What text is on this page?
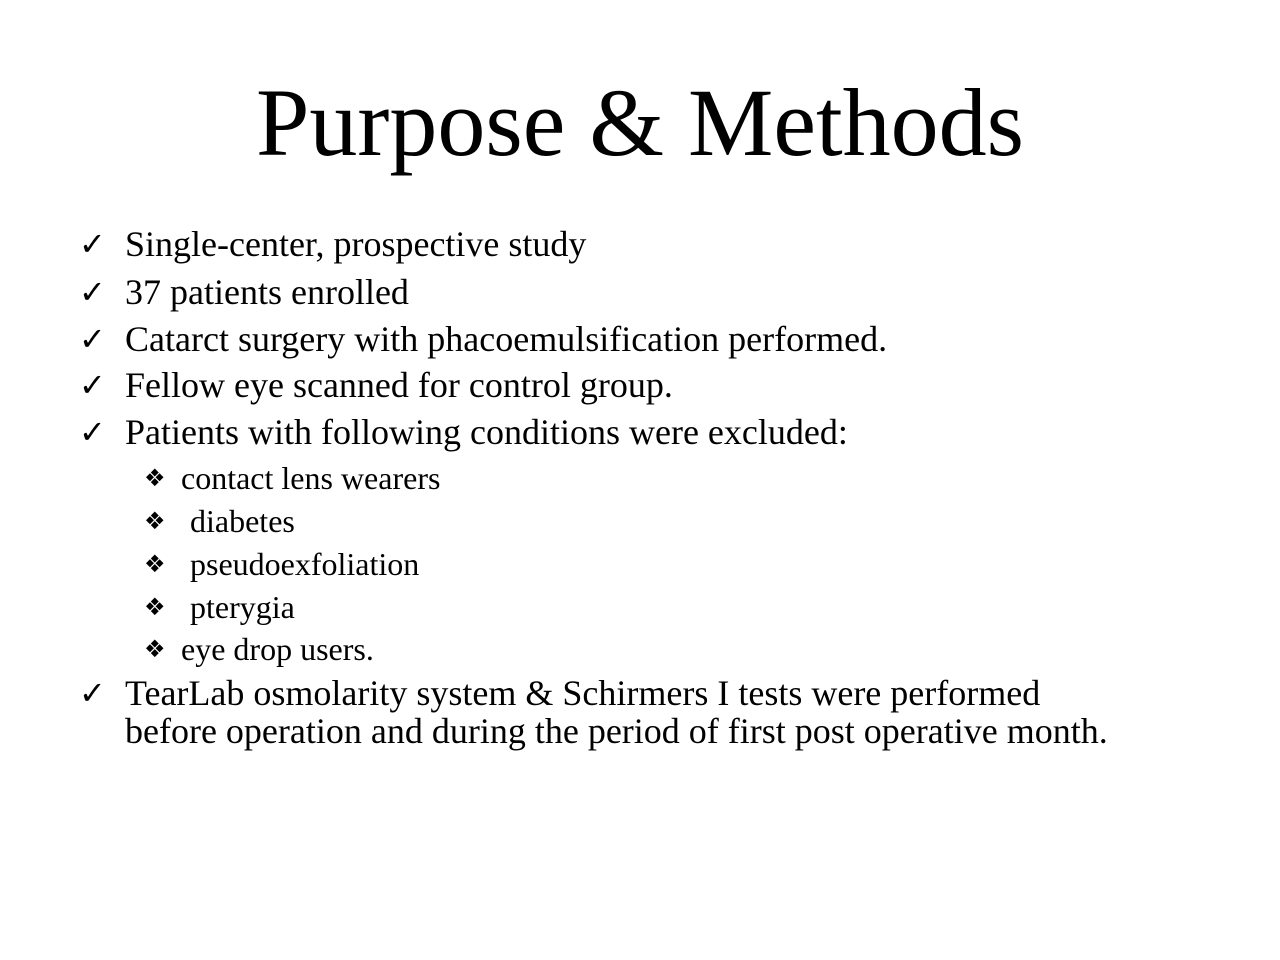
Purpose & Methods
✓ Single-center, prospective study
✓ 37 patients enrolled
✓ Catarct surgery with phacoemulsification performed.
✓ Fellow eye scanned for control group.
✓ Patients with following conditions were excluded:
❖ contact lens wearers
❖ diabetes
❖ pseudoexfoliation
❖ pterygia
❖ eye drop users.
✓ TearLab osmolarity system & Schirmers I tests were performed
before operation and during the period of first post operative month.
